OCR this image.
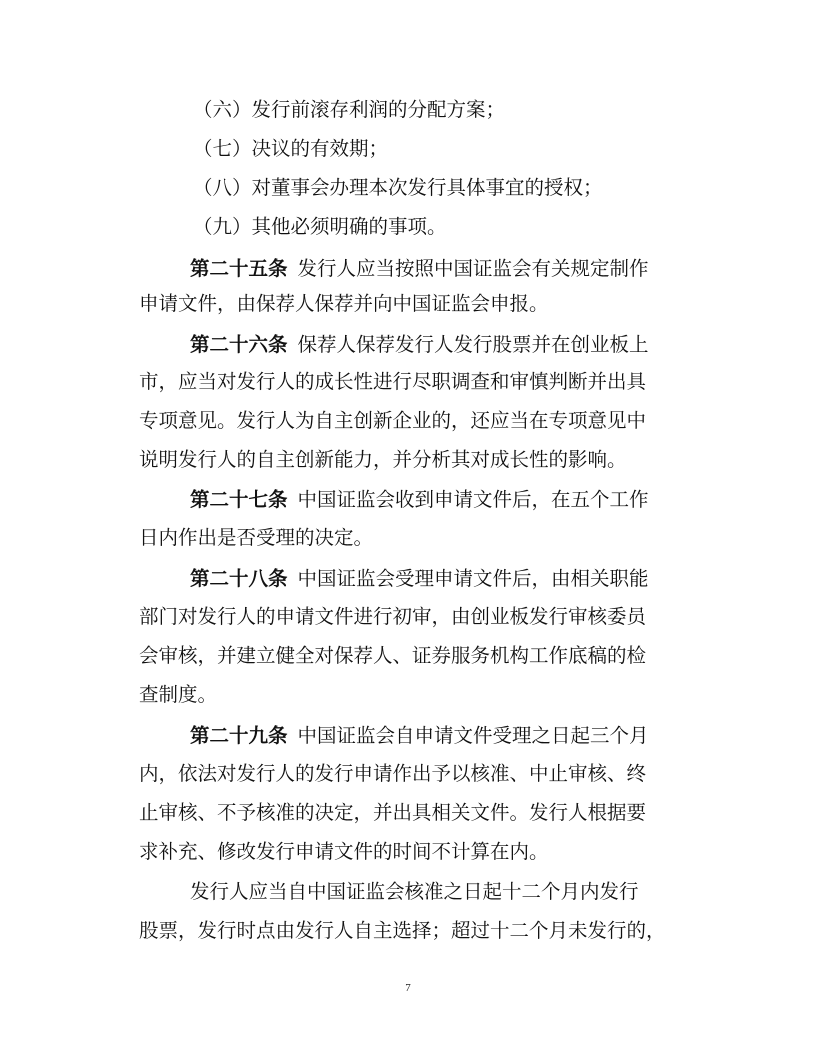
（六）发行前滚存利润的分配方案；
（七）决议的有效期；
（八）对董事会办理本次发行具体事宜的授权；
（九）其他必须明确的事项。
第二十五条 发行人应当按照中国证监会有关规定制作
申请文件，由保荐人保荐并向中国证监会申报。
第二十六条 保荐人保荐发行人发行股票并在创业板上
市，应当对发行人的成长性进行尽职调查和审慎判断并出具
专项意见。发行人为自主创新企业的，还应当在专项意见中
说明发行人的自主创新能力，并分析其对成长性的影响。
第二十七条 中国证监会收到申请文件后，在五个工作
日内作出是否受理的决定。
第二十八条 中国证监会受理申请文件后，由相关职能
部门对发行人的申请文件进行初审，由创业板发行审核委员
会审核，并建立健全对保荐人、证券服务机构工作底稿的检
查制度。
第二十九条 中国证监会自申请文件受理之日起三个月
内，依法对发行人的发行申请作出予以核准、中止审核、终
止审核、不予核准的决定，并出具相关文件。发行人根据要
求补充、修改发行申请文件的时间不计算在内。
发行人应当自中国证监会核准之日起十二个月内发行
股票，发行时点由发行人自主选择；超过十二个月未发行的，
7
